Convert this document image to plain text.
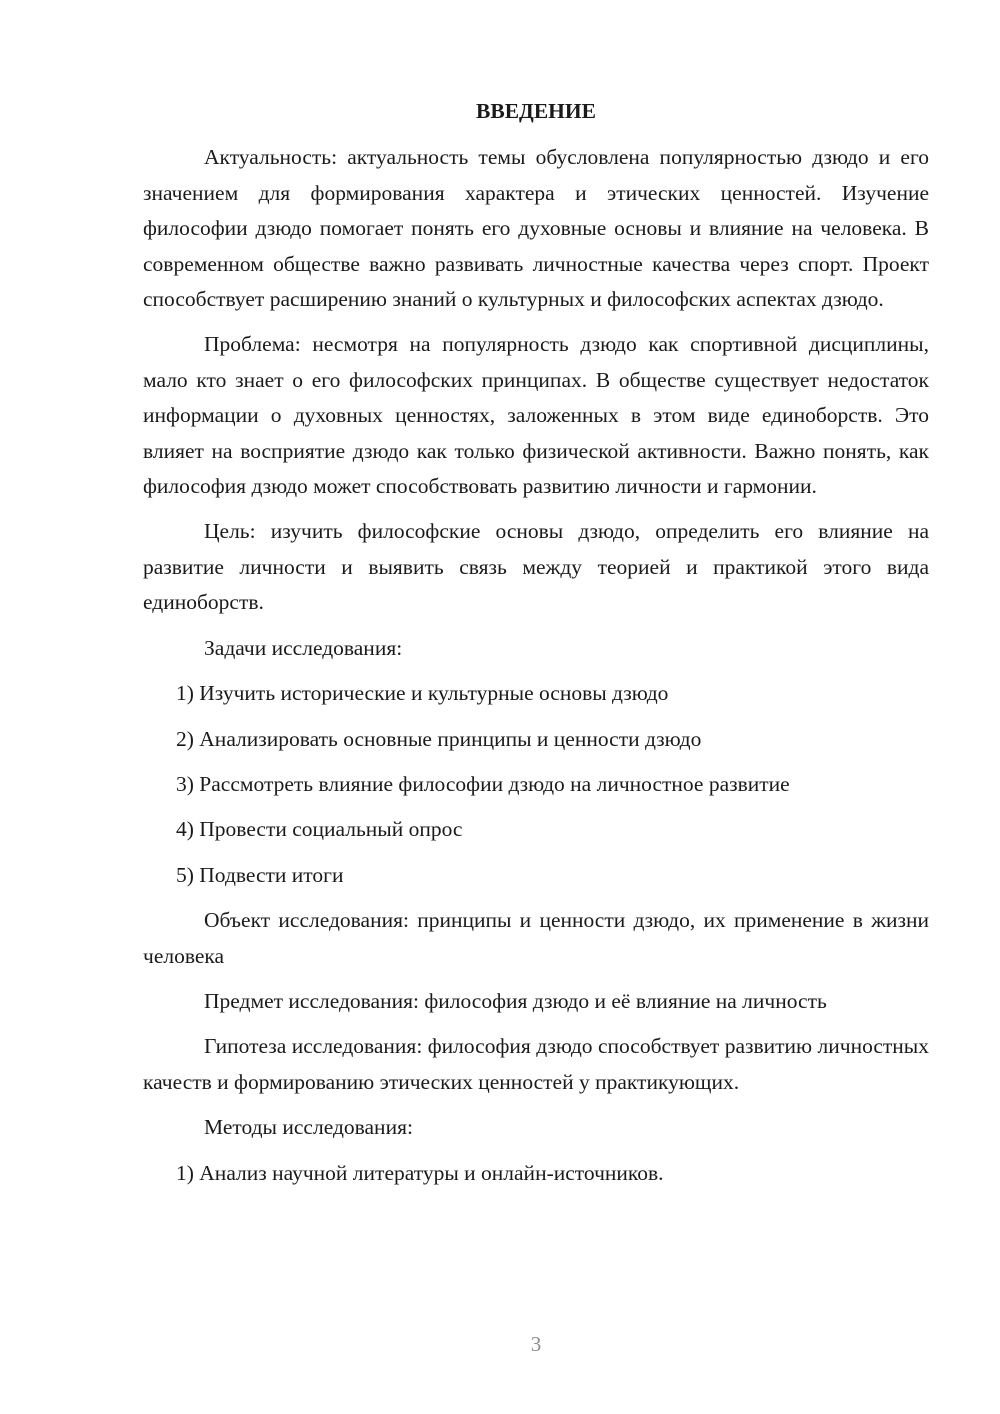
ВВЕДЕНИЕ

Актуальность: актуальность темы обусловлена популярностью дзюдо и его значением для формирования характера и этических ценностей. Изучение философии дзюдо помогает понять его духовные основы и влияние на человека. В современном обществе важно развивать личностные качества через спорт. Проект способствует расширению знаний о культурных и философских аспектах дзюдо.

Проблема: несмотря на популярность дзюдо как спортивной дисциплины, мало кто знает о его философских принципах. В обществе существует недостаток информации о духовных ценностях, заложенных в этом виде единоборств. Это влияет на восприятие дзюдо как только физической активности. Важно понять, как философия дзюдо может способствовать развитию личности и гармонии.

Цель: изучить философские основы дзюдо, определить его влияние на развитие личности и выявить связь между теорией и практикой этого вида единоборств.

Задачи исследования:
1) Изучить исторические и культурные основы дзюдо
2) Анализировать основные принципы и ценности дзюдо
3) Рассмотреть влияние философии дзюдо на личностное развитие
4) Провести социальный опрос
5) Подвести итоги

Объект исследования: принципы и ценности дзюдо, их применение в жизни человека

Предмет исследования: философия дзюдо и её влияние на личность

Гипотеза исследования: философия дзюдо способствует развитию личностных качеств и формированию этических ценностей у практикующих.

Методы исследования:
1) Анализ научной литературы и онлайн-источников.
3
